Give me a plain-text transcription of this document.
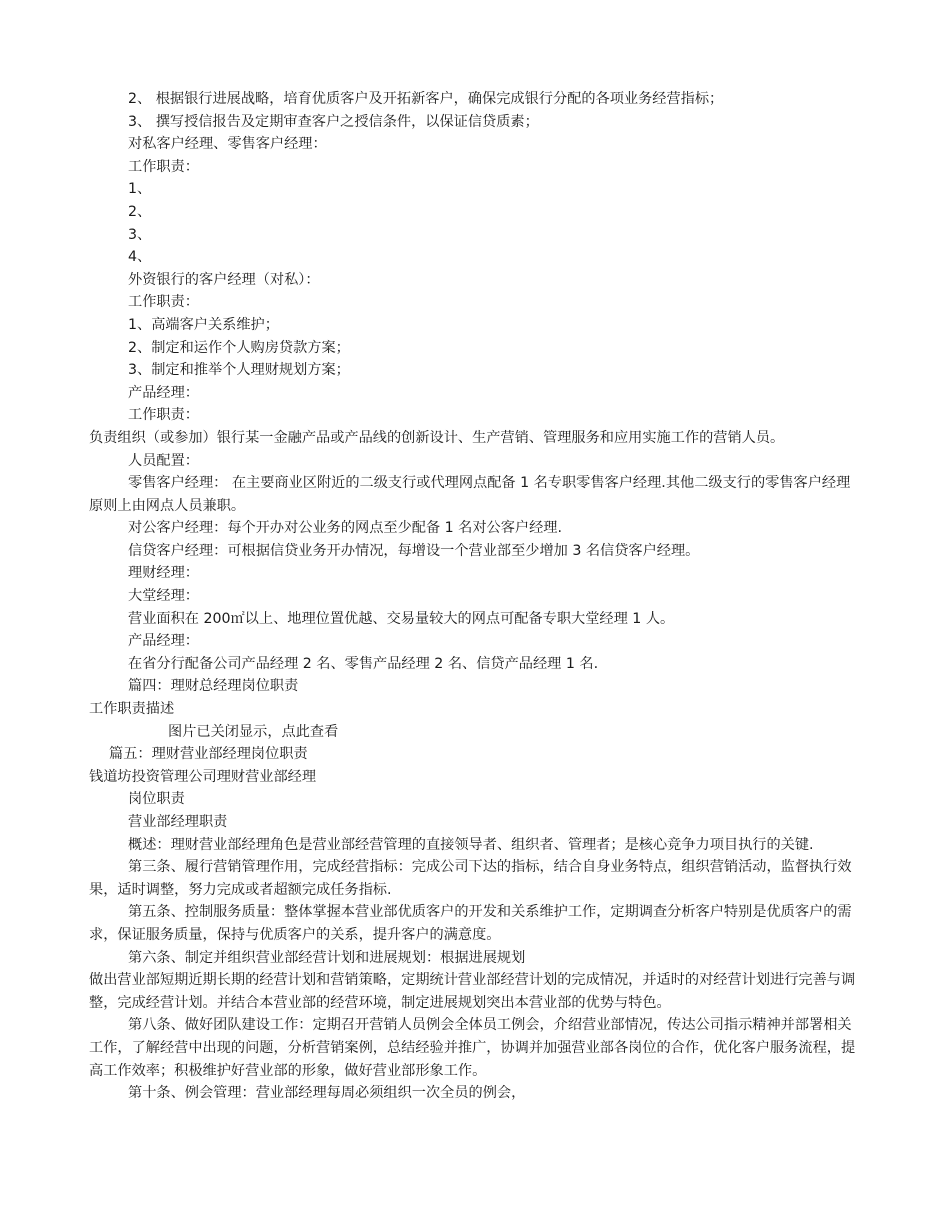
2、 根据银行进展战略，培育优质客户及开拓新客户，确保完成银行分配的各项业务经营指标；

3、 撰写授信报告及定期审查客户之授信条件，以保证信贷质素；

对私客户经理、零售客户经理：

工作职责：

1、

2、

3、

4、

外资银行的客户经理（对私）：

工作职责：

1、高端客户关系维护；

2、制定和运作个人购房贷款方案；

3、制定和推举个人理财规划方案；

产品经理：

工作职责：

负责组织（或参加）银行某一金融产品或产品线的创新设计、生产营销、管理服务和应用实施工作的营销人员。

人员配置：

零售客户经理： 在主要商业区附近的二级支行或代理网点配备 1 名专职零售客户经理.其他二级支行的零售客户经理原则上由网点人员兼职。

对公客户经理：每个开办对公业务的网点至少配备 1 名对公客户经理.

信贷客户经理：可根据信贷业务开办情况，每增设一个营业部至少增加 3 名信贷客户经理。

理财经理：

大堂经理：

营业面积在 200㎡以上、地理位置优越、交易量较大的网点可配备专职大堂经理 1 人。

产品经理：

在省分行配备公司产品经理 2 名、零售产品经理 2 名、信贷产品经理 1 名.

篇四：理财总经理岗位职责

工作职责描述

图片已关闭显示，点此查看

篇五：理财营业部经理岗位职责

钱道坊投资管理公司理财营业部经理

岗位职责

营业部经理职责

概述：理财营业部经理角色是营业部经营管理的直接领导者、组织者、管理者；是核心竞争力项目执行的关键.

第三条、履行营销管理作用，完成经营指标：完成公司下达的指标，结合自身业务特点，组织营销活动，监督执行效果，适时调整，努力完成或者超额完成任务指标.

第五条、控制服务质量：整体掌握本营业部优质客户的开发和关系维护工作，定期调查分析客户特别是优质客户的需求，保证服务质量，保持与优质客户的关系，提升客户的满意度。

第六条、制定并组织营业部经营计划和进展规划：根据进展规划

做出营业部短期近期长期的经营计划和营销策略，定期统计营业部经营计划的完成情况，并适时的对经营计划进行完善与调整，完成经营计划。并结合本营业部的经营环境，制定进展规划突出本营业部的优势与特色。

第八条、做好团队建设工作：定期召开营销人员例会全体员工例会，介绍营业部情况，传达公司指示精神并部署相关工作，了解经营中出现的问题，分析营销案例，总结经验并推广，协调并加强营业部各岗位的合作，优化客户服务流程，提高工作效率；积极维护好营业部的形象，做好营业部形象工作。

第十条、例会管理：营业部经理每周必须组织一次全员的例会，
